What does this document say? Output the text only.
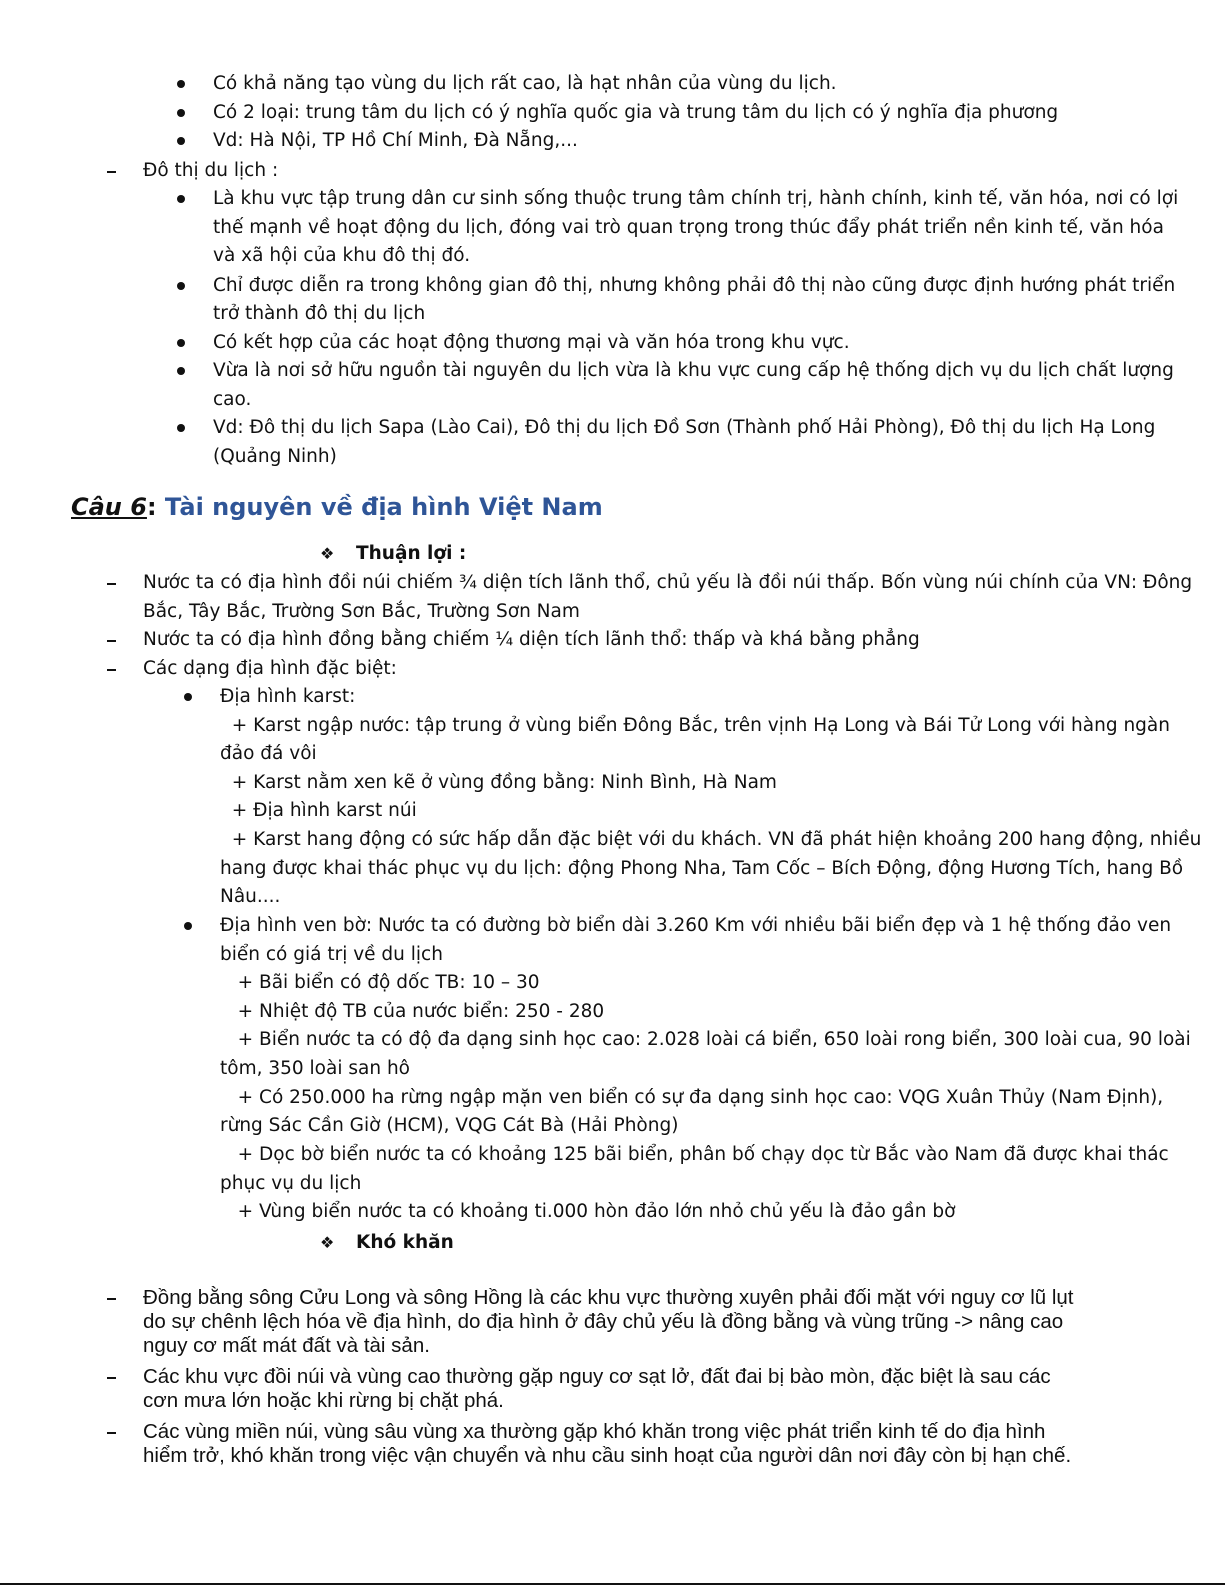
Có khả năng tạo vùng du lịch rất cao, là hạt nhân của vùng du lịch.
Có 2 loại: trung tâm du lịch có ý nghĩa quốc gia và trung tâm du lịch có ý nghĩa địa phương
Vd: Hà Nội, TP Hồ Chí Minh, Đà Nẵng,...
Đô thị du lịch :
Là khu vực tập trung dân cư sinh sống thuộc trung tâm chính trị, hành chính, kinh tế, văn hóa, nơi có lợi
thế mạnh về hoạt động du lịch, đóng vai trò quan trọng trong thúc đẩy phát triển nền kinh tế, văn hóa
và xã hội của khu đô thị đó.
Chỉ được diễn ra trong không gian đô thị, nhưng không phải đô thị nào cũng được định hướng phát triển
trở thành đô thị du lịch
Có kết hợp của các hoạt động thương mại và văn hóa trong khu vực.
Vừa là nơi sở hữu nguồn tài nguyên du lịch vừa là khu vực cung cấp hệ thống dịch vụ du lịch chất lượng
cao.
Vd: Đô thị du lịch Sapa (Lào Cai), Đô thị du lịch Đồ Sơn (Thành phố Hải Phòng), Đô thị du lịch Hạ Long
(Quảng Ninh)
Câu 6: Tài nguyên về địa hình Việt Nam
❖ Thuận lợi :
Nước ta có địa hình đồi núi chiếm ¾ diện tích lãnh thổ, chủ yếu là đồi núi thấp. Bốn vùng núi chính của VN: Đông
Bắc, Tây Bắc, Trường Sơn Bắc, Trường Sơn Nam
Nước ta có địa hình đồng bằng chiếm ¼ diện tích lãnh thổ: thấp và khá bằng phẳng
Các dạng địa hình đặc biệt:
Địa hình karst:
+ Karst ngập nước: tập trung ở vùng biển Đông Bắc, trên vịnh Hạ Long và Bái Tử Long với hàng ngàn
đảo đá vôi
+ Karst nằm xen kẽ ở vùng đồng bằng: Ninh Bình, Hà Nam
+ Địa hình karst núi
+ Karst hang động có sức hấp dẫn đặc biệt với du khách. VN đã phát hiện khoảng 200 hang động, nhiều
hang được khai thác phục vụ du lịch: động Phong Nha, Tam Cốc – Bích Động, động Hương Tích, hang Bồ
Nâu....
Địa hình ven bờ: Nước ta có đường bờ biển dài 3.260 Km với nhiều bãi biển đẹp và 1 hệ thống đảo ven
biển có giá trị về du lịch
+ Bãi biển có độ dốc TB: 10 – 30
+ Nhiệt độ TB của nước biển: 250 - 280
+ Biển nước ta có độ đa dạng sinh học cao: 2.028 loài cá biển, 650 loài rong biển, 300 loài cua, 90 loài
tôm, 350 loài san hô
+ Có 250.000 ha rừng ngập mặn ven biển có sự đa dạng sinh học cao: VQG Xuân Thủy (Nam Định),
rừng Sác Cần Giờ (HCM), VQG Cát Bà (Hải Phòng)
+ Dọc bờ biển nước ta có khoảng 125 bãi biển, phân bố chạy dọc từ Bắc vào Nam đã được khai thác
phục vụ du lịch
+ Vùng biển nước ta có khoảng ti.000 hòn đảo lớn nhỏ chủ yếu là đảo gần bờ
❖ Khó khăn
Đồng bằng sông Cửu Long và sông Hồng là các khu vực thường xuyên phải đối mặt với nguy cơ lũ lụt
do sự chênh lệch hóa về địa hình, do địa hình ở đây chủ yếu là đồng bằng và vùng trũng -> nâng cao
nguy cơ mất mát đất và tài sản.
Các khu vực đồi núi và vùng cao thường gặp nguy cơ sạt lở, đất đai bị bào mòn, đặc biệt là sau các
cơn mưa lớn hoặc khi rừng bị chặt phá.
Các vùng miền núi, vùng sâu vùng xa thường gặp khó khăn trong việc phát triển kinh tế do địa hình
hiểm trở, khó khăn trong việc vận chuyển và nhu cầu sinh hoạt của người dân nơi đây còn bị hạn chế.
